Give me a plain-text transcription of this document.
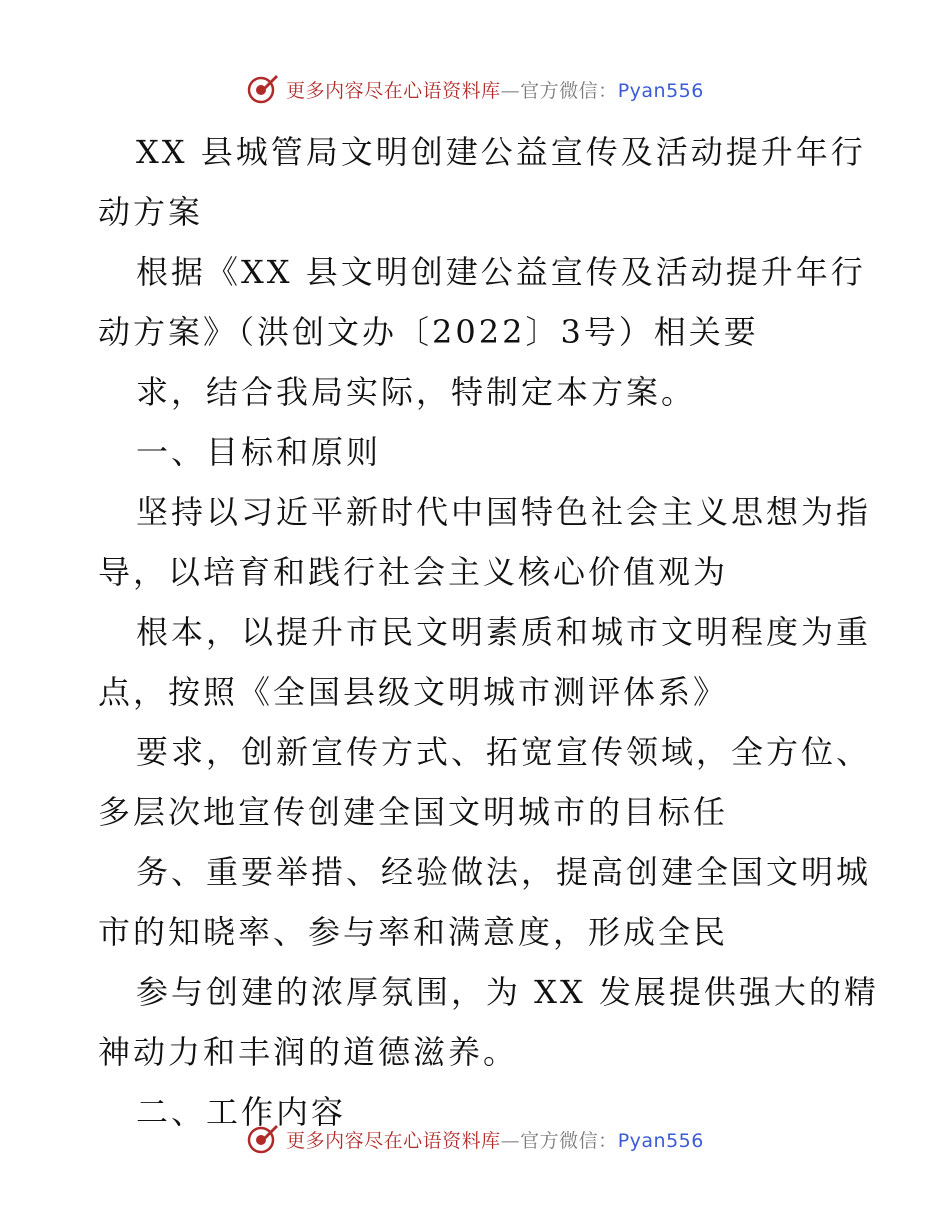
更多内容尽在心语资料库—官方微信：Pyan556
XX 县城管局文明创建公益宣传及活动提升年行
动方案
根据《XX 县文明创建公益宣传及活动提升年行
动方案》（洪创文办〔2022〕3号）相关要
求，结合我局实际，特制定本方案。
一、目标和原则
坚持以习近平新时代中国特色社会主义思想为指
导，以培育和践行社会主义核心价值观为
根本，以提升市民文明素质和城市文明程度为重
点，按照《全国县级文明城市测评体系》
要求，创新宣传方式、拓宽宣传领域，全方位、
多层次地宣传创建全国文明城市的目标任
务、重要举措、经验做法，提高创建全国文明城
市的知晓率、参与率和满意度，形成全民
参与创建的浓厚氛围，为 XX 发展提供强大的精
神动力和丰润的道德滋养。
二、工作内容
更多内容尽在心语资料库—官方微信：Pyan556
